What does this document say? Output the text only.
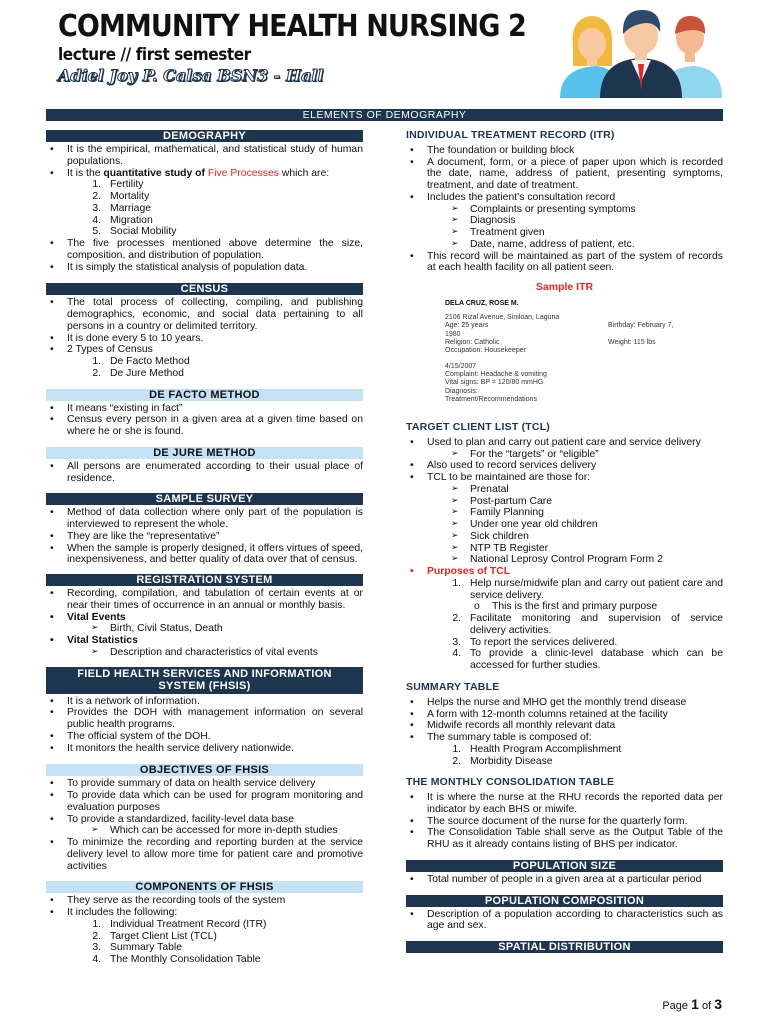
COMMUNITY HEALTH NURSING 2
lecture // first semester
Adiel Joy P. Calsa BSN3 - Hall
ELEMENTS OF DEMOGRAPHY
DEMOGRAPHY
• It is the empirical, mathematical, and statistical study of human populations.
• It is the quantitative study of Five Processes which are:
1. Fertility
2. Mortality
3. Marriage
4. Migration
5. Social Mobility
• The five processes mentioned above determine the size, composition, and distribution of population.
• It is simply the statistical analysis of population data.
CENSUS
• The total process of collecting, compiling, and publishing demographics, economic, and social data pertaining to all persons in a country or delimited territory.
• It is done every 5 to 10 years.
• 2 Types of Census
1. De Facto Method
2. De Jure Method
DE FACTO METHOD
• It means “existing in fact”
• Census every person in a given area at a given time based on where he or she is found.
DE JURE METHOD
• All persons are enumerated according to their usual place of residence.
SAMPLE SURVEY
• Method of data collection where only part of the population is interviewed to represent the whole.
• They are like the “representative”
• When the sample is properly designed, it offers virtues of speed, inexpensiveness, and better quality of data over that of census.
REGISTRATION SYSTEM
• Recording, compilation, and tabulation of certain events at or near their times of occurrence in an annual or monthly basis.
• Vital Events
➢ Birth, Civil Status, Death
• Vital Statistics
➢ Description and characteristics of vital events
FIELD HEALTH SERVICES AND INFORMATION
SYSTEM (FHSIS)
• It is a network of information.
• Provides the DOH with management information on several public health programs.
• The official system of the DOH.
• It monitors the health service delivery nationwide.
OBJECTIVES OF FHSIS
• To provide summary of data on health service delivery
• To provide data which can be used for program monitoring and evaluation purposes
• To provide a standardized, facility-level data base
➢ Which can be accessed for more in-depth studies
• To minimize the recording and reporting burden at the service delivery level to allow more time for patient care and promotive activities
COMPONENTS OF FHSIS
• They serve as the recording tools of the system
• It includes the following:
1. Individual Treatment Record (ITR)
2. Target Client List (TCL)
3. Summary Table
4. The Monthly Consolidation Table
INDIVIDUAL TREATMENT RECORD (ITR)
• The foundation or building block
• A document, form, or a piece of paper upon which is recorded the date, name, address of patient, presenting symptoms, treatment, and date of treatment.
• Includes the patient’s consultation record
➢ Complaints or presenting symptoms
➢ Diagnosis
➢ Treatment given
➢ Date, name, address of patient, etc.
• This record will be maintained as part of the system of records at each health facility on all patient seen.
Sample ITR
DELA CRUZ, ROSE M.
2106 Rizal Avenue, Siniloan, Laguna
Age: 25 years	Birthday: February 7,
1980
Religion: Catholic	Weight: 115 lbs
Occupation: Housekeeper
4/15/2007
Complaint: Headache & vomiting
Vital signs: BP = 120/80 mmHG
Diagnosis:
Treatment/Recommendations
TARGET CLIENT LIST (TCL)
• Used to plan and carry out patient care and service delivery
➢ For the “targets” or “eligible”
• Also used to record services delivery
• TCL to be maintained are those for:
➢ Prenatal
➢ Post-partum Care
➢ Family Planning
➢ Under one year old children
➢ Sick children
➢ NTP TB Register
➢ National Leprosy Control Program Form 2
• Purposes of TCL
1. Help nurse/midwife plan and carry out patient care and service delivery.
o This is the first and primary purpose
2. Facilitate monitoring and supervision of service delivery activities.
3. To report the services delivered.
4. To provide a clinic-level database which can be accessed for further studies.
SUMMARY TABLE
• Helps the nurse and MHO get the monthly trend disease
• A form with 12-month columns retained at the facility
• Midwife records all monthly relevant data
• The summary table is composed of:
1. Health Program Accomplishment
2. Morbidity Disease
THE MONTHLY CONSOLIDATION TABLE
• It is where the nurse at the RHU records the reported data per indicator by each BHS or miwife.
• The source document of the nurse for the quarterly form.
• The Consolidation Table shall serve as the Output Table of the RHU as it already contains listing of BHS per indicator.
POPULATION SIZE
• Total number of people in a given area at a particular period
POPULATION COMPOSITION
• Description of a population according to characteristics such as age and sex.
SPATIAL DISTRIBUTION
Page 1 of 3
